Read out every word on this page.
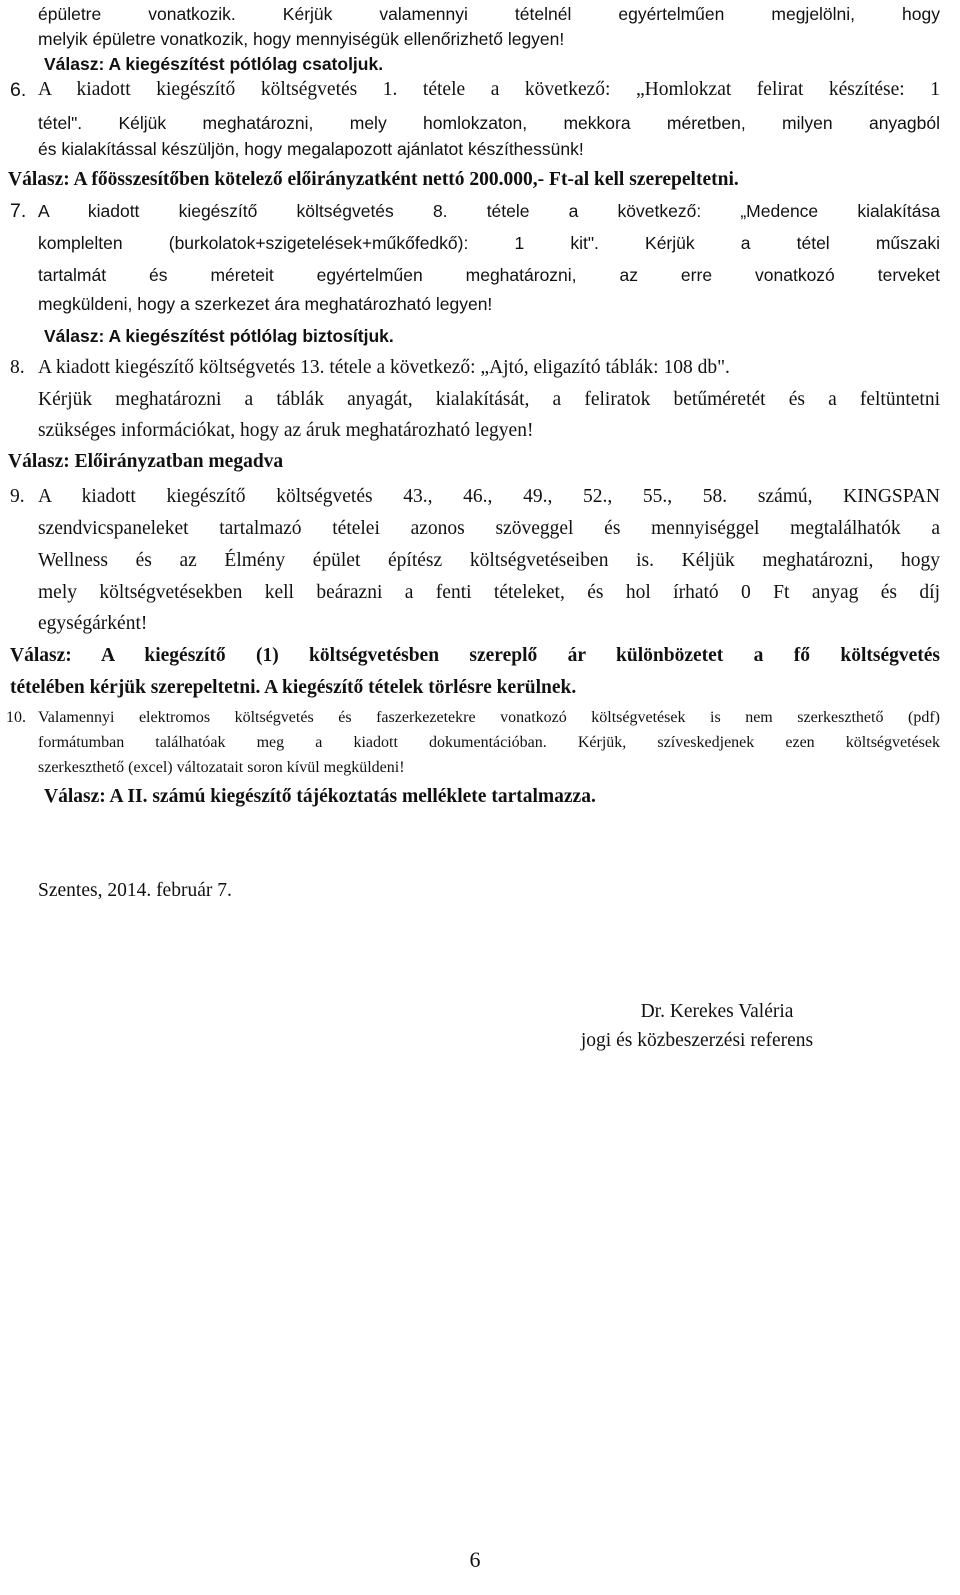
épületre vonatkozik. Kérjük valamennyi tételnél egyértelműen megjelölni, hogy
melyik épületre vonatkozik, hogy mennyiségük ellenőrizhető legyen!
Válasz: A kiegészítést pótlólag csatoljuk.
6. A kiadott kiegészítő költségvetés 1. tétele a következő: „Homlokzat felirat készítése: 1
tétel". Kéljük meghatározni, mely homlokzaton, mekkora méretben, milyen anyagból
és kialakítással készüljön, hogy megalapozott ajánlatot készíthessünk!
Válasz: A főösszesítőben kötelező előirányzatként nettó 200.000,- Ft-al kell szerepeltetni.
7. A kiadott kiegészítő költségvetés 8. tétele a következő: „Medence kialakítása
komplelten (burkolatok+szigetelések+műkőfedkő): 1 kit". Kérjük a tétel műszaki
tartalmát és méreteit egyértelműen meghatározni, az erre vonatkozó terveket
megküldeni, hogy a szerkezet ára meghatározható legyen!
Válasz: A kiegészítést pótlólag biztosítjuk.
8. A kiadott kiegészítő költségvetés 13. tétele a következő: „Ajtó, eligazító táblák: 108 db".
Kérjük meghatározni a táblák anyagát, kialakítását, a feliratok betűméretét és a feltüntetni
szükséges információkat, hogy az áruk meghatározható legyen!
Válasz: Előirányzatban megadva
9. A kiadott kiegészítő költségvetés 43., 46., 49., 52., 55., 58. számú, KINGSPAN
szendvicspaneleket tartalmazó tételei azonos szöveggel és mennyiséggel megtalálhatók a
Wellness és az Élmény épület építész költségvetéseiben is. Kéljük meghatározni, hogy
mely költségvetésekben kell beárazni a fenti tételeket, és hol írható 0 Ft anyag és díj
egységárként!
Válasz: A kiegészítő (1) költségvetésben szereplő ár különbözetet a fő költségvetés
tételében kérjük szerepeltetni. A kiegészítő tételek törlésre kerülnek.
10. Valamennyi elektromos költségvetés és faszerkezetekre vonatkozó költségvetések is nem szerkeszthető (pdf)
formátumban találhatóak meg a kiadott dokumentációban. Kérjük, szíveskedjenek ezen költségvetések
szerkeszthető (excel) változatait soron kívül megküldeni!
Válasz: A II. számú kiegészítő tájékoztatás melléklete tartalmazza.
Szentes, 2014. február 7.
Dr. Kerekes Valéria
jogi és közbeszerzési referens
6
